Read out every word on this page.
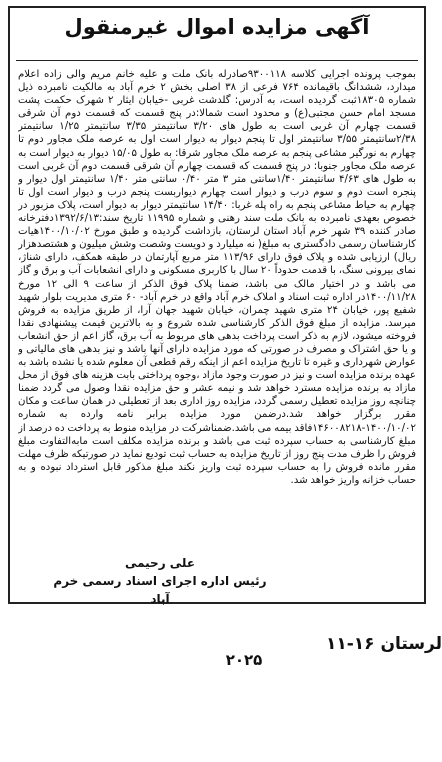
آگهی مزایده اموال غیرمنقول
بموجب پرونده اجرایی کلاسه ۹۳۰۰۱۱۸صادرله بانک ملت و علیه خانم مریم والی زاده اعلام میدارد، ششدانگ باقیمانده ۷۶۴ فرعی از ۳۸ اصلی بخش ۲ خرم آباد به مالکیت نامبرده ذیل شماره ۱۸۳۰۵ثبت گردیده است، به آدرس: گلدشت غربی -خیابان ایثار ۲ شهرک حکمت پشت مسجد امام حسن مجتبی(ع) و محدود است شمالا:در پنج قسمت که قسمت دوم آن شرقی قسمت چهارم آن غربی است به طول های ۳/۲۰ سانتیمتر ۳/۳۵ سانتیمتر ۱/۲۵ سانتیمتر ۲/۳۸سانتیمتر ۳/۵۵ سانتیمتر اول تا پنجم دیوار به دیوار است اول به عرصه ملک مجاور دوم تا چهارم به نورگیر مشاعی پنجم به عرصه ملک مجاور شرقا: به طول ۱۵/۰۵ دیوار به دیوار است به عرصه ملک مجاور جنوبا: در پنج قسمت که قسمت چهارم آن شرقی قسمت دوم آن غربی است به طول های ۴/۶۳ سانتیمتر ۱/۴۰سانتی متر ۳ متر ۰/۴۰ سانتی متر ۱/۴۰ سانتیمتر اول دیوار و پنجره است دوم و سوم درب و دیوار است چهارم دیواربست پنجم درب و دیوار است اول تا چهارم به حیاط مشاعی پنجم به راه پله غربا: ۱۴/۴۰ سانتیمتر دیوار به دیوار است، پلاک مزبور در خصوص بعهدی نامبرده به بانک ملت سند رهنی و شماره ۱۱۹۹۵ تاریخ سند:۱۳۹۲/۶/۱۳دفترخانه صادر کننده ۳۹ شهر خرم آباد استان لرستان، بازداشت گردیده و طبق مورخ ۱۴۰۰/۱۰/۰۲هیات کارشناسان رسمی دادگستری به مبلغ( نه میلیارد و دویست وشصت وشش میلیون و هشتصدهزار ریال) ارزیابی شده و پلاک فوق دارای ۱۱۳/۹۶ متر مربع آپارتمان در طبقه همکف، دارای شناژ، نمای بیرونی سنگ، با قدمت حدوداً ۲۰ سال با کاربری مسکونی و دارای انشعابات آب و برق و گاز می باشد و در اختیار مالک می باشد، ضمنا پلاک فوق الذکر از ساعت ۹ الی ۱۲ مورخ ۱۴۰۰/۱۱/۲۸در اداره ثبت اسناد و املاک خرم آباد واقع در خرم آباد- ۶۰ متری مدیریت بلوار شهید شفیع پور، خیابان ۲۴ متری شهید چمران، خیابان شهید جهان آرا، از طریق مزایده به فروش میرسد. مزایده از مبلغ فوق الذکر کارشناسی شده شروع و به بالاترین قیمت پیشنهادی نقدا فروخته میشود، لازم به ذکر است پرداخت بدهی های مربوط به آب برق، گاز اعم از حق انشعاب و یا حق اشتراک و مصرف در صورتی که مورد مزایده دارای آنها باشد و نیز بدهی های مالیاتی و عوارض شهرداری و غیره تا تاریخ مزایده اعم از اینکه رقم قطعی آن معلوم شده یا نشده باشد به عهده برنده مزایده است و نیز در صورت وجود مازاد ،وجوه پرداختی بابت هزینه های فوق از محل مازاد به برنده مزایده مسترد خواهد شد و نیمه عشر و حق مزایده نقدا وصول می گردد ضمنا چنانچه روز مزایده تعطیل رسمی گردد، مزایده روز اداری بعد از تعطیلی در همان ساعت و مکان مقرر برگزار خواهد شد.درضمن مورد مزایده برابر نامه وارده به شماره ۱۴۰۰/۱۰/۰۲-۱۴۶۰۰۸۲۱۸فاقد بیمه می باشد.ضمناشرکت در مزایده منوط به پرداخت ده درصد از مبلغ کارشناسی به حساب سپرده ثبت می باشد و برنده مزایده مکلف است مابه‌التفاوت مبلغ فروش را ظرف مدت پنج روز از تاریخ مزایده به حساب ثبت تودیع نماید در صورتیکه ظرف مهلت مقرر مانده فروش را به حساب سپرده ثبت واریز نکند مبلغ مذکور قابل استرداد نبوده و به حساب خزانه واریز خواهد شد.
علی رحیمی
رئیس اداره اجرای اسناد رسمی خرم آباد
لرستان ۱۶-۱۱
۲۰۲۵
